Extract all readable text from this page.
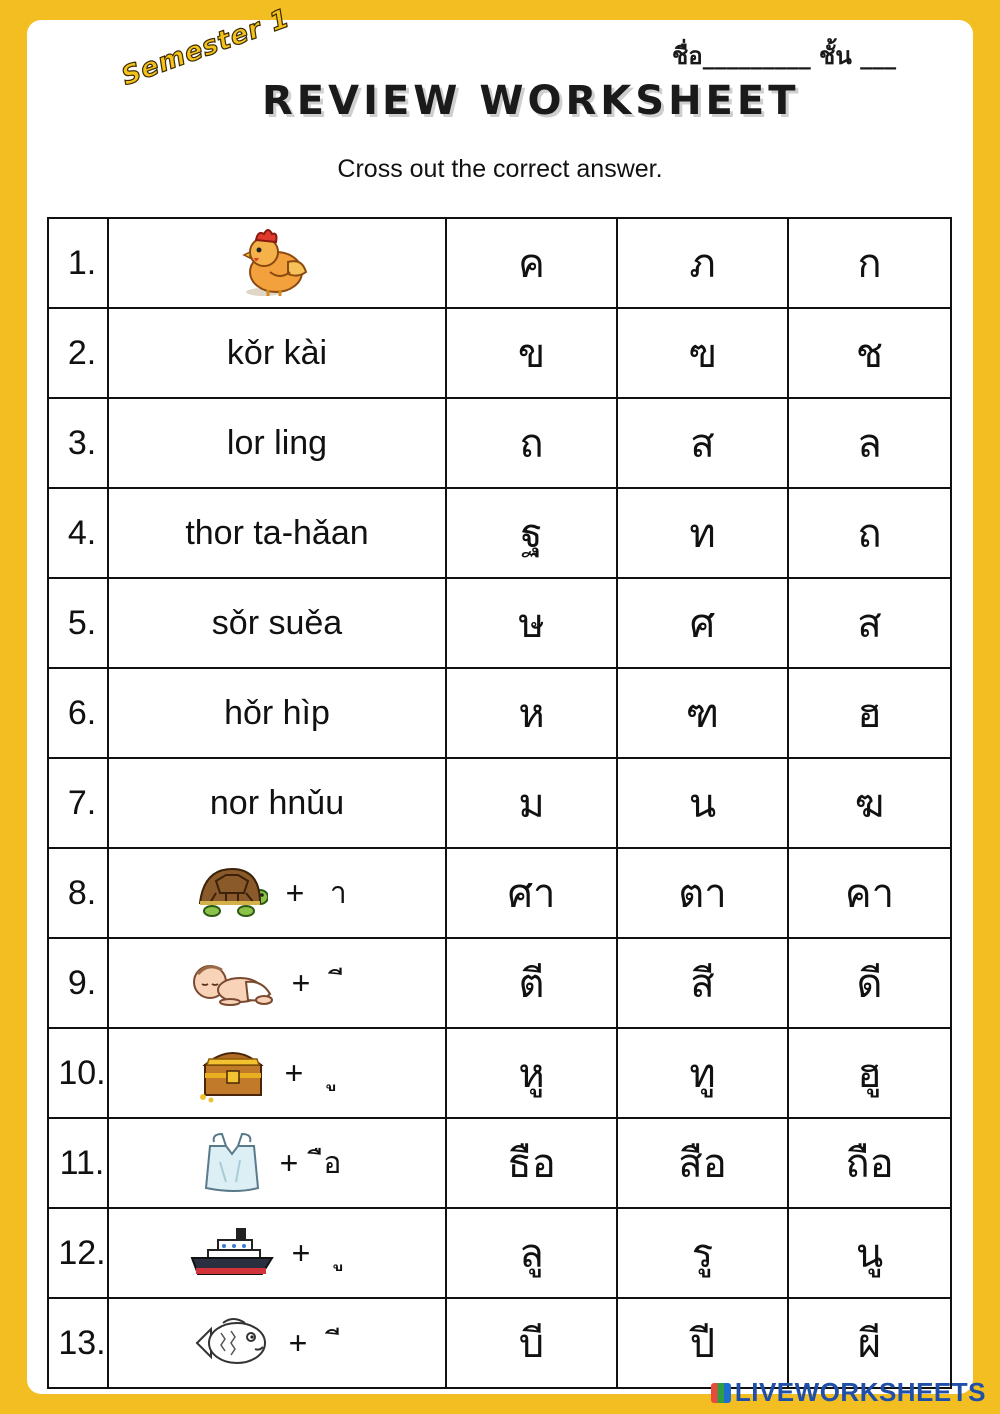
Semester 1
REVIEW WORKSHEET
ชื่อ_________ ชั้น ___
Cross out the correct answer.
1.		ค	ภ	ก
2.	kǒr kài	ข	ฃ	ช
3.	lor ling	ถ	ส	ล
4.	thor ta-hǎan	ฐ	ท	ถ
5.	sǒr suěa	ษ	ศ	ส
6.	hǒr hìp	ห	ฑ	ฮ
7.	nor hnǔu	ม	น	ฆ
8.	+ า	ศา	ตา	คา
9.	+	ตี	สี	ดี
10.	+	หู	ทู	ฮู
11.	+ ือ	ธือ	สือ	ถือ
12.	+	ลู	รู	นู
13.	+	บี	ปี	ผี
LIVEWORKSHEETS
